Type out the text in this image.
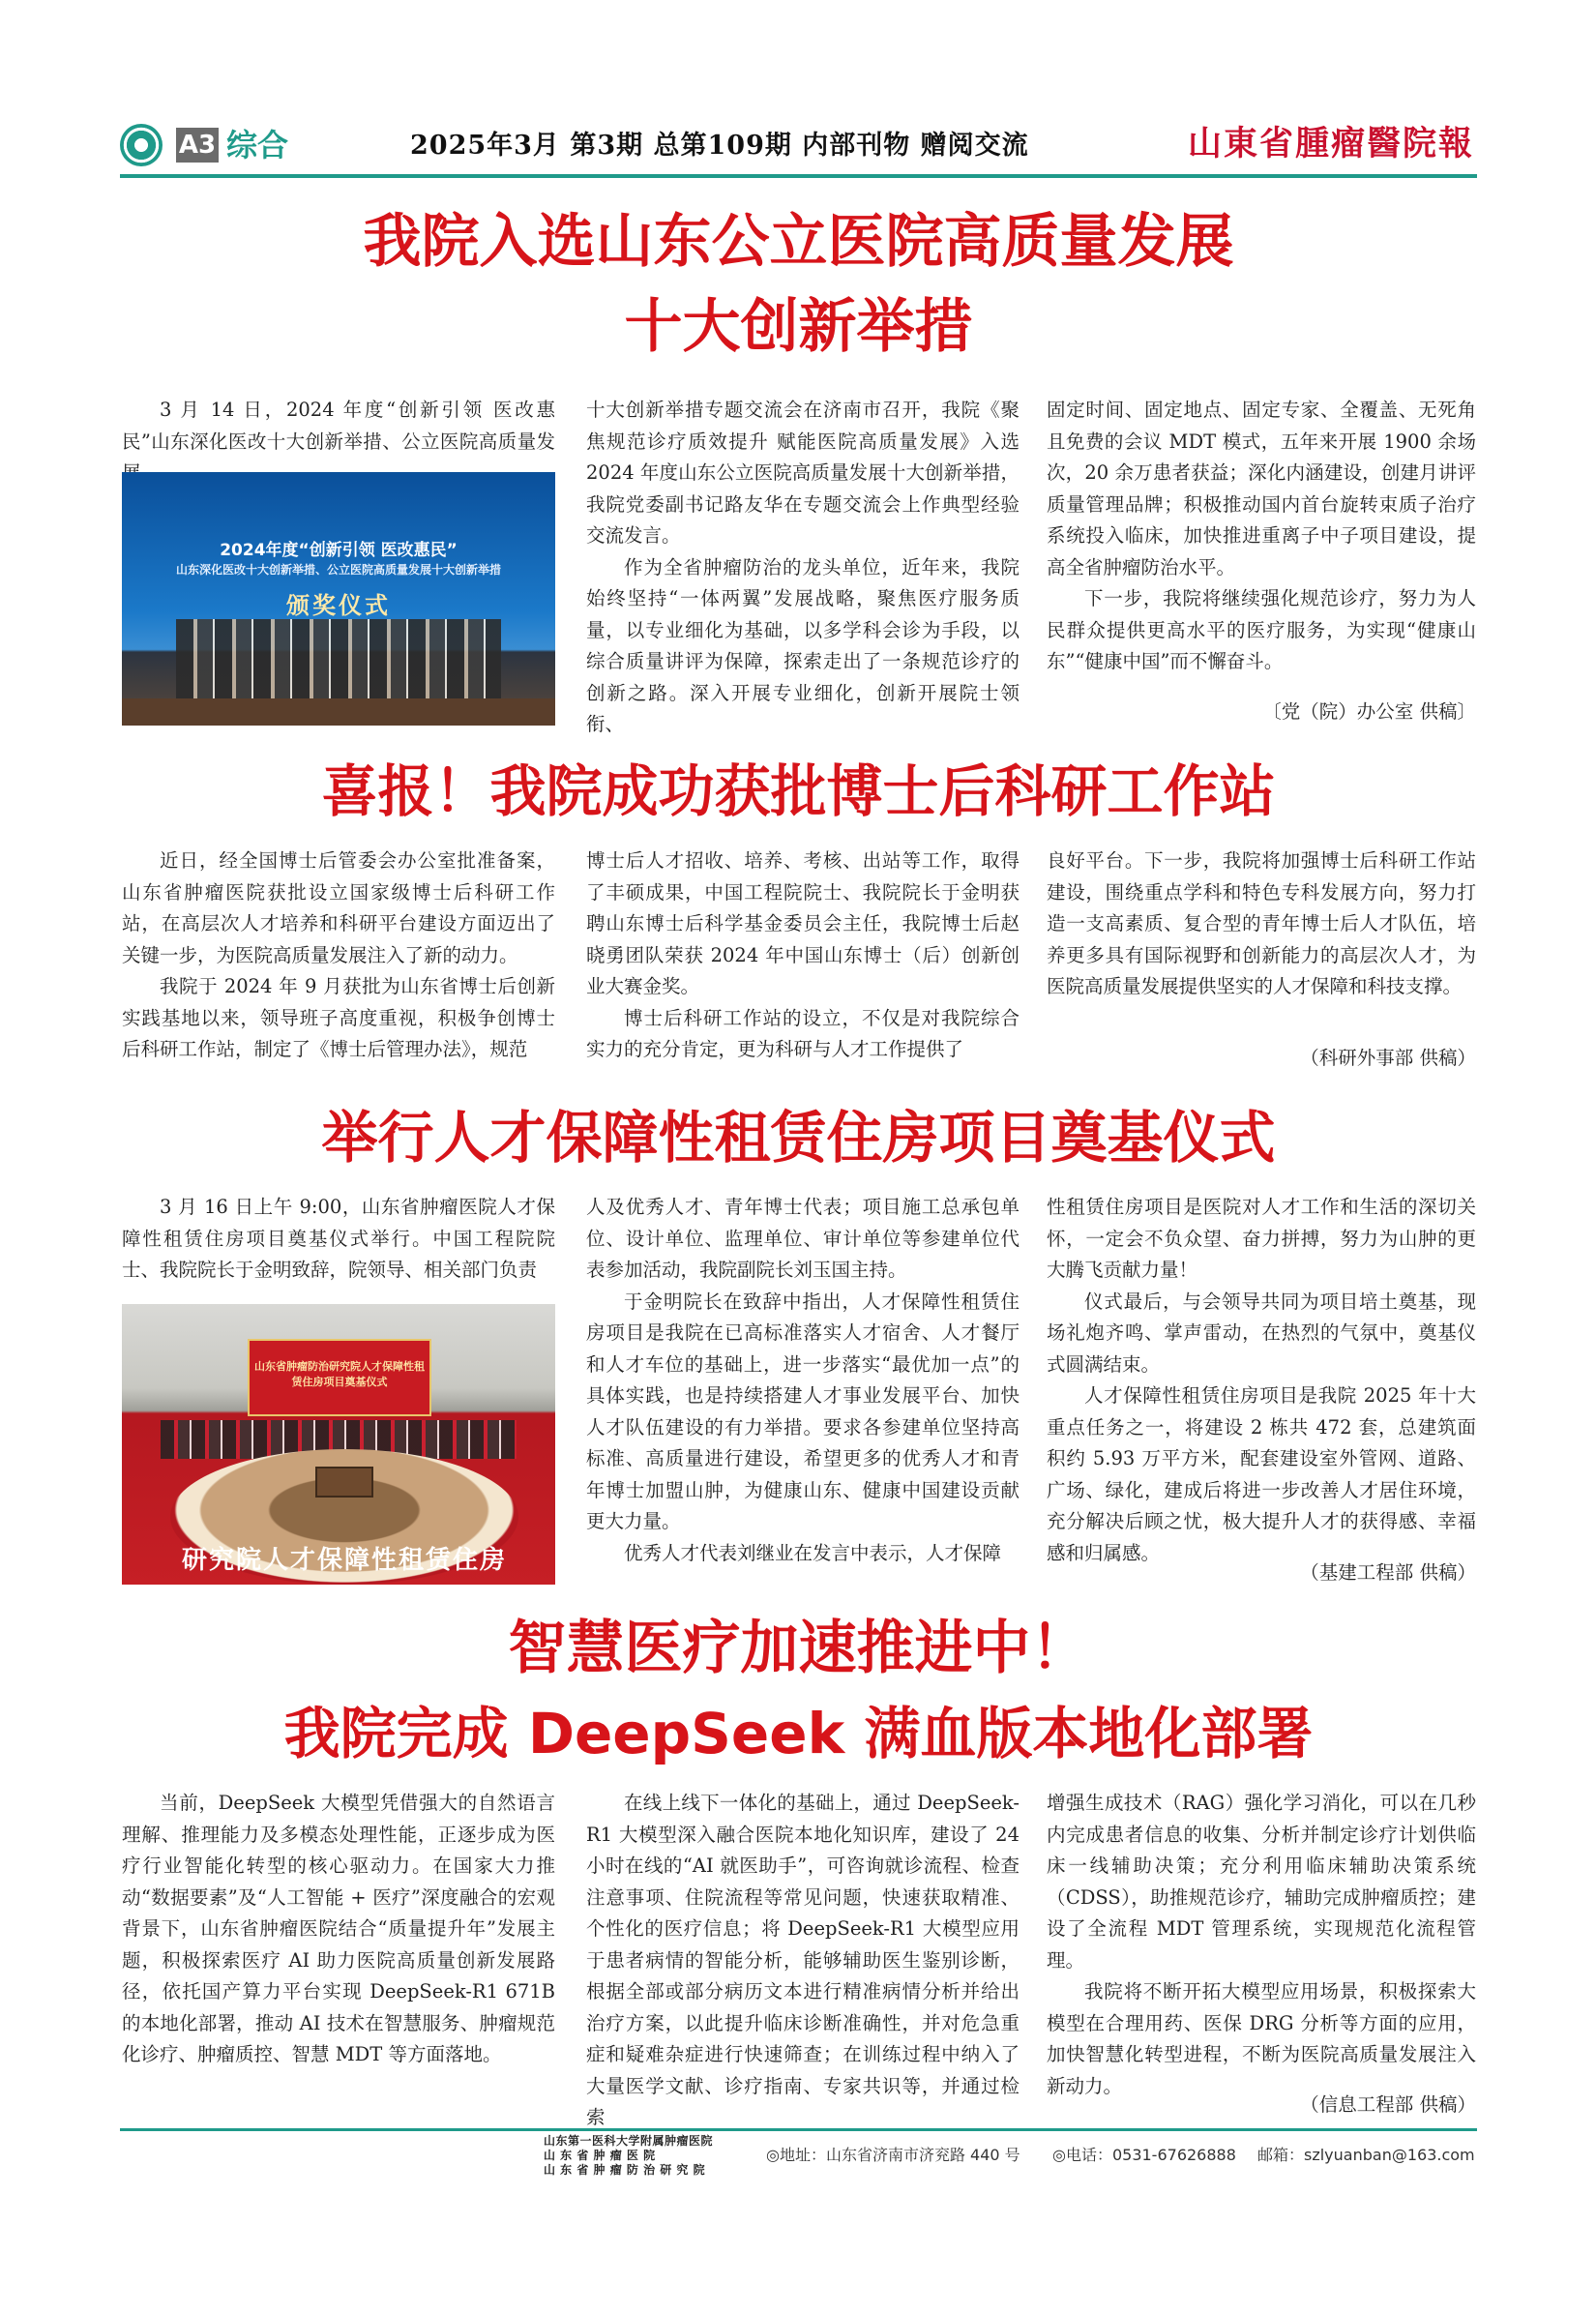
A3 综合	2025年3月 第3期 总第109期 内部刊物 赠阅交流	山東省腫瘤醫院報
我院入选山东公立医院高质量发展
十大创新举措

3 月 14 日，2024 年度“创新引领 医改惠民”山东深化医改十大创新举措、公立医院高质量发

2024年度“创新引领 医改惠民”
山东深化医改十大创新举措、公立医院高质量发展十大创新举措
颁奖仪式

十大创新举措专题交流会在济南市召开，我院《聚焦规范诊疗质效提升 赋能医院高质量发展》入选 2024 年度山东公立医院高质量发展十大创新举措，我院党委副书记路友华在专题交流会上作典型经验交流发言。

作为全省肿瘤防治的龙头单位，近年来，我院始终坚持“一体两翼”发展战略，聚焦医疗服务质量，以专业细化为基础，以多学科会诊为手段，以综合质量讲评为保障，探索走出了一条规范诊疗的创新之路。深入开展专业细化，创新开展院士领衔、

固定时间、固定地点、固定专家、全覆盖、无死角且免费的会议 MDT 模式，五年来开展 1900 余场次，20 余万患者获益；深化内涵建设，创建月讲评质量管理品牌；积极推动国内首台旋转束质子治疗系统投入临床，加快推进重离子中子项目建设，提高全省肿瘤防治水平。

下一步，我院将继续强化规范诊疗，努力为人民群众提供更高水平的医疗服务，为实现“健康山东”“健康中国”而不懈奋斗。

〔党（院）办公室 供稿〕
喜报！我院成功获批博士后科研工作站

近日，经全国博士后管委会办公室批准备案，山东省肿瘤医院获批设立国家级博士后科研工作站，在高层次人才培养和科研平台建设方面迈出了关键一步，为医院高质量发展注入了新的动力。

我院于 2024 年 9 月获批为山东省博士后创新实践基地以来，领导班子高度重视，积极争创博士后科研工作站，制定了《博士后管理办法》，规范

博士后人才招收、培养、考核、出站等工作，取得了丰硕成果，中国工程院院士、我院院长于金明获聘山东博士后科学基金委员会主任，我院博士后赵晓勇团队荣获 2024 年中国山东博士（后）创新创业大赛金奖。

博士后科研工作站的设立，不仅是对我院综合实力的充分肯定，更为科研与人才工作提供了

良好平台。下一步，我院将加强博士后科研工作站建设，围绕重点学科和特色专科发展方向，努力打造一支高素质、复合型的青年博士后人才队伍，培养更多具有国际视野和创新能力的高层次人才，为医院高质量发展提供坚实的人才保障和科技支撑。

（科研外事部 供稿）
举行人才保障性租赁住房项目奠基仪式

3 月 16 日上午 9:00，山东省肿瘤医院人才保障性租赁住房项目奠基仪式举行。中国工程院院士、我院院长于金明致辞，院领导、相关部门负责

山东省肿瘤防治研究院人才保障性租赁住房项目奠基仪式
研究院人才保障性租赁住房

人及优秀人才、青年博士代表；项目施工总承包单位、设计单位、监理单位、审计单位等参建单位代表参加活动，我院副院长刘玉国主持。

于金明院长在致辞中指出，人才保障性租赁住房项目是我院在已高标准落实人才宿舍、人才餐厅和人才车位的基础上，进一步落实“最优加一点”的具体实践，也是持续搭建人才事业发展平台、加快人才队伍建设的有力举措。要求各参建单位坚持高标准、高质量进行建设，希望更多的优秀人才和青年博士加盟山肿，为健康山东、健康中国建设贡献更大力量。

优秀人才代表刘继业在发言中表示，人才保障

性租赁住房项目是医院对人才工作和生活的深切关怀，一定会不负众望、奋力拼搏，努力为山肿的更大腾飞贡献力量！

仪式最后，与会领导共同为项目培土奠基，现场礼炮齐鸣、掌声雷动，在热烈的气氛中，奠基仪式圆满结束。

人才保障性租赁住房项目是我院 2025 年十大重点任务之一，将建设 2 栋共 472 套，总建筑面积约 5.93 万平方米，配套建设室外管网、道路、广场、绿化，建成后将进一步改善人才居住环境，充分解决后顾之忧，极大提升人才的获得感、幸福感和归属感。

（基建工程部 供稿）
智慧医疗加速推进中！
我院完成 DeepSeek 满血版本地化部署

当前，DeepSeek 大模型凭借强大的自然语言理解、推理能力及多模态处理性能，正逐步成为医疗行业智能化转型的核心驱动力。在国家大力推动“数据要素”及“人工智能 + 医疗”深度融合的宏观背景下，山东省肿瘤医院结合“质量提升年”发展主题，积极探索医疗 AI 助力医院高质量创新发展路径，依托国产算力平台实现 DeepSeek-R1 671B 的本地化部署，推动 AI 技术在智慧服务、肿瘤规范化诊疗、肿瘤质控、智慧 MDT 等方面落地。

在线上线下一体化的基础上，通过 DeepSeek-R1 大模型深入融合医院本地化知识库，建设了 24 小时在线的“AI 就医助手”，可咨询就诊流程、检查注意事项、住院流程等常见问题，快速获取精准、个性化的医疗信息；将 DeepSeek-R1 大模型应用于患者病情的智能分析，能够辅助医生鉴别诊断，根据全部或部分病历文本进行精准病情分析并给出治疗方案，以此提升临床诊断准确性，并对危急重症和疑难杂症进行快速筛查；在训练过程中纳入了大量医学文献、诊疗指南、专家共识等，并通过检索

增强生成技术（RAG）强化学习消化，可以在几秒内完成患者信息的收集、分析并制定诊疗计划供临床一线辅助决策；充分利用临床辅助决策系统（CDSS），助推规范诊疗，辅助完成肿瘤质控；建设了全流程 MDT 管理系统，实现规范化流程管理。

我院将不断开拓大模型应用场景，积极探索大模型在合理用药、医保 DRG 分析等方面的应用，加快智慧化转型进程，不断为医院高质量发展注入新动力。

（信息工程部 供稿）
山东第一医科大学附属肿瘤医院
山 东 省 肿 瘤 医 院
山 东 省 肿 瘤 防 治 研 究 院
◎地址：山东省济南市济兖路 440 号 ◎电话：0531-67626888 邮箱：szlyuanban@163.com
